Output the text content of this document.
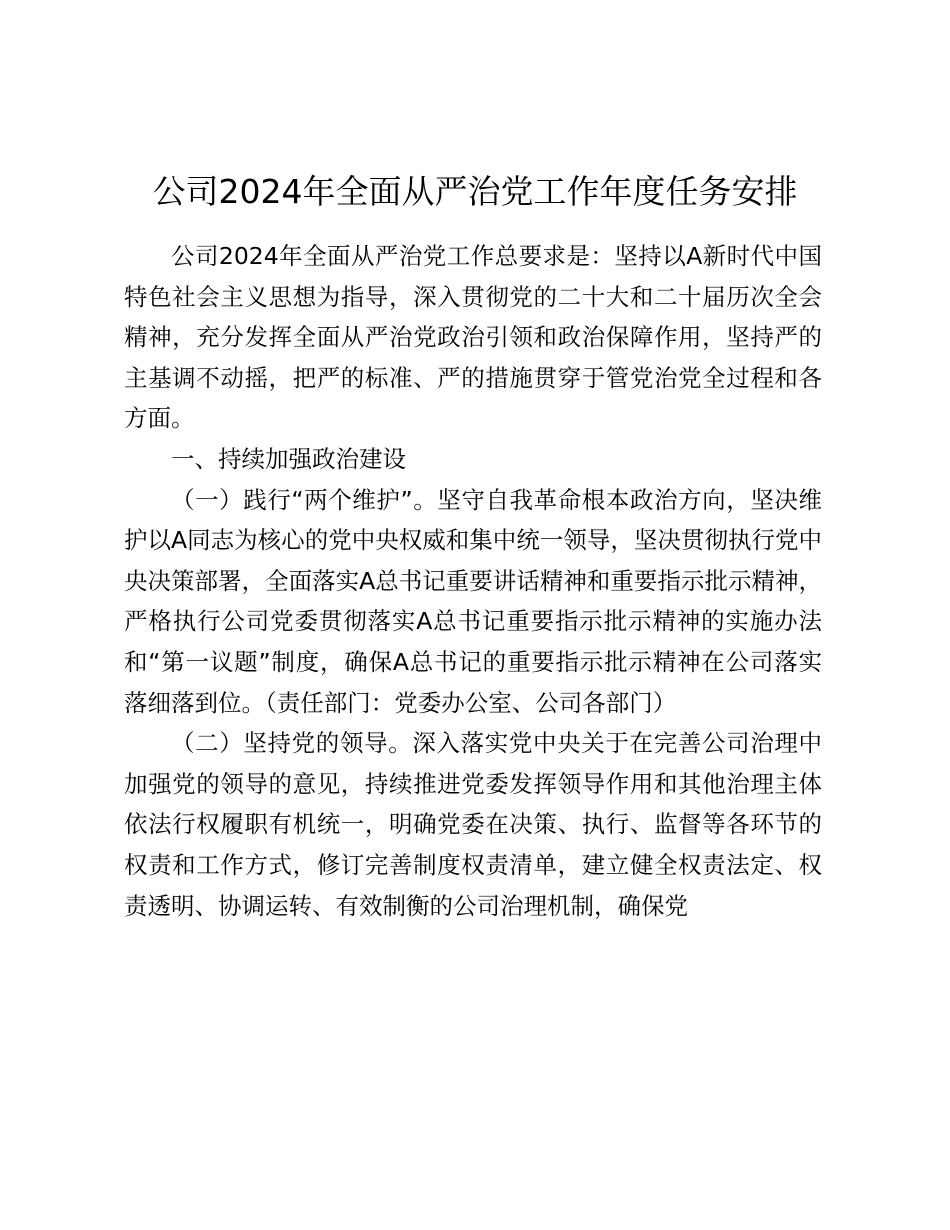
公司2024年全面从严治党工作年度任务安排

公司2024年全面从严治党工作总要求是：坚持以A新时代中国特色社会主义思想为指导，深入贯彻党的二十大和二十届历次全会精神，充分发挥全面从严治党政治引领和政治保障作用，坚持严的主基调不动摇，把严的标准、严的措施贯穿于管党治党全过程和各方面。

一、持续加强政治建设

（一）践行“两个维护”。坚守自我革命根本政治方向，坚决维护以A同志为核心的党中央权威和集中统一领导，坚决贯彻执行党中央决策部署，全面落实A总书记重要讲话精神和重要指示批示精神，严格执行公司党委贯彻落实A总书记重要指示批示精神的实施办法和“第一议题”制度，确保A总书记的重要指示批示精神在公司落实落细落到位。（责任部门：党委办公室、公司各部门）

（二）坚持党的领导。深入落实党中央关于在完善公司治理中加强党的领导的意见，持续推进党委发挥领导作用和其他治理主体依法行权履职有机统一，明确党委在决策、执行、监督等各环节的权责和工作方式，修订完善制度权责清单，建立健全权责法定、权责透明、协调运转、有效制衡的公司治理机制，确保党
